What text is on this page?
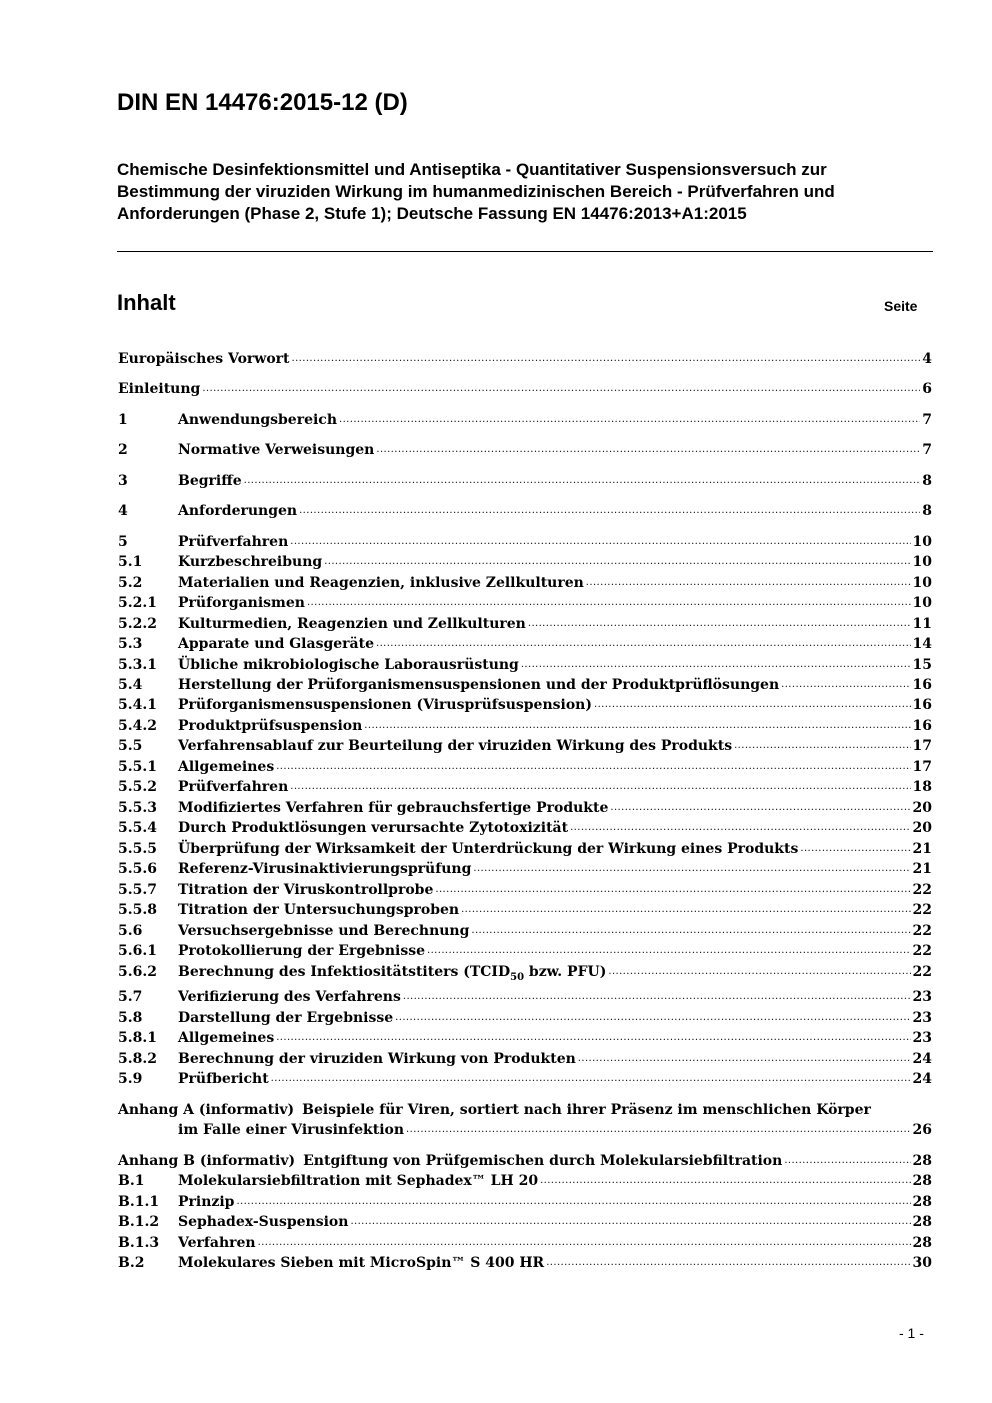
DIN EN 14476:2015-12 (D)
Chemische Desinfektionsmittel und Antiseptika - Quantitativer Suspensionsversuch zur Bestimmung der viruziden Wirkung im humanmedizinischen Bereich - Prüfverfahren und Anforderungen (Phase 2, Stufe 1); Deutsche Fassung EN 14476:2013+A1:2015
Inhalt	Seite
Europäisches Vorwort .....	4
Einleitung .....	6
1	Anwendungsbereich .....	7
2	Normative Verweisungen .....	7
3	Begriffe .....	8
4	Anforderungen .....	8
5	Prüfverfahren .....	10
5.1	Kurzbeschreibung .....	10
5.2	Materialien und Reagenzien, inklusive Zellkulturen .....	10
5.2.1 Prüforganismen .....	10
5.2.2 Kulturmedien, Reagenzien und Zellkulturen .....	11
5.3	Apparate und Glasgeräte .....	14
5.3.1 Übliche mikrobiologische Laborausrüstung .....	15
5.4	Herstellung der Prüforganismensuspensionen und der Produktprüflösungen .....	16
5.4.1 Prüforganismensuspensionen (Virusprüfsuspension) .....	16
5.4.2 Produktprüfsuspension .....	16
5.5	Verfahrensablauf zur Beurteilung der viruziden Wirkung des Produkts .....	17
5.5.1 Allgemeines .....	17
5.5.2 Prüfverfahren .....	18
5.5.3 Modifiziertes Verfahren für gebrauchsfertige Produkte .....	20
5.5.4 Durch Produktlösungen verursachte Zytotoxizität .....	20
5.5.5 Überprüfung der Wirksamkeit der Unterdrückung der Wirkung eines Produkts .....	21
5.5.6 Referenz-Virusinaktivierungsprüfung .....	21
5.5.7 Titration der Viruskontrollprobe .....	22
5.5.8 Titration der Untersuchungsproben .....	22
5.6	Versuchsergebnisse und Berechnung .....	22
5.6.1 Protokollierung der Ergebnisse .....	22
5.6.2 Berechnung des Infektiositätstiters ($TCID_{50}$ bzw. PFU) .....	22
5.7	Verifizierung des Verfahrens .....	23
5.8	Darstellung der Ergebnisse .....	23
5.8.1 Allgemeines .....	23
5.8.2 Berechnung der viruziden Wirkung von Produkten .....	24
5.9	Prüfbericht .....	24
Anhang A (informativ) Beispiele für Viren, sortiert nach ihrer Präsenz im menschlichen Körper
im Falle einer Virusinfektion .....	26
Anhang B (informativ) Entgiftung von Prüfgemischen durch Molekularsiebfiltration .....	28
B.1 Molekularsiebfiltration mit Sephadex™ LH 20 .....	28
B.1.1 Prinzip .....	28
B.1.2 Sephadex-Suspension .....	28
B.1.3 Verfahren .....	28
B.2 Molekulares Sieben mit MicroSpin™ S 400 HR .....	30
- 1 -
